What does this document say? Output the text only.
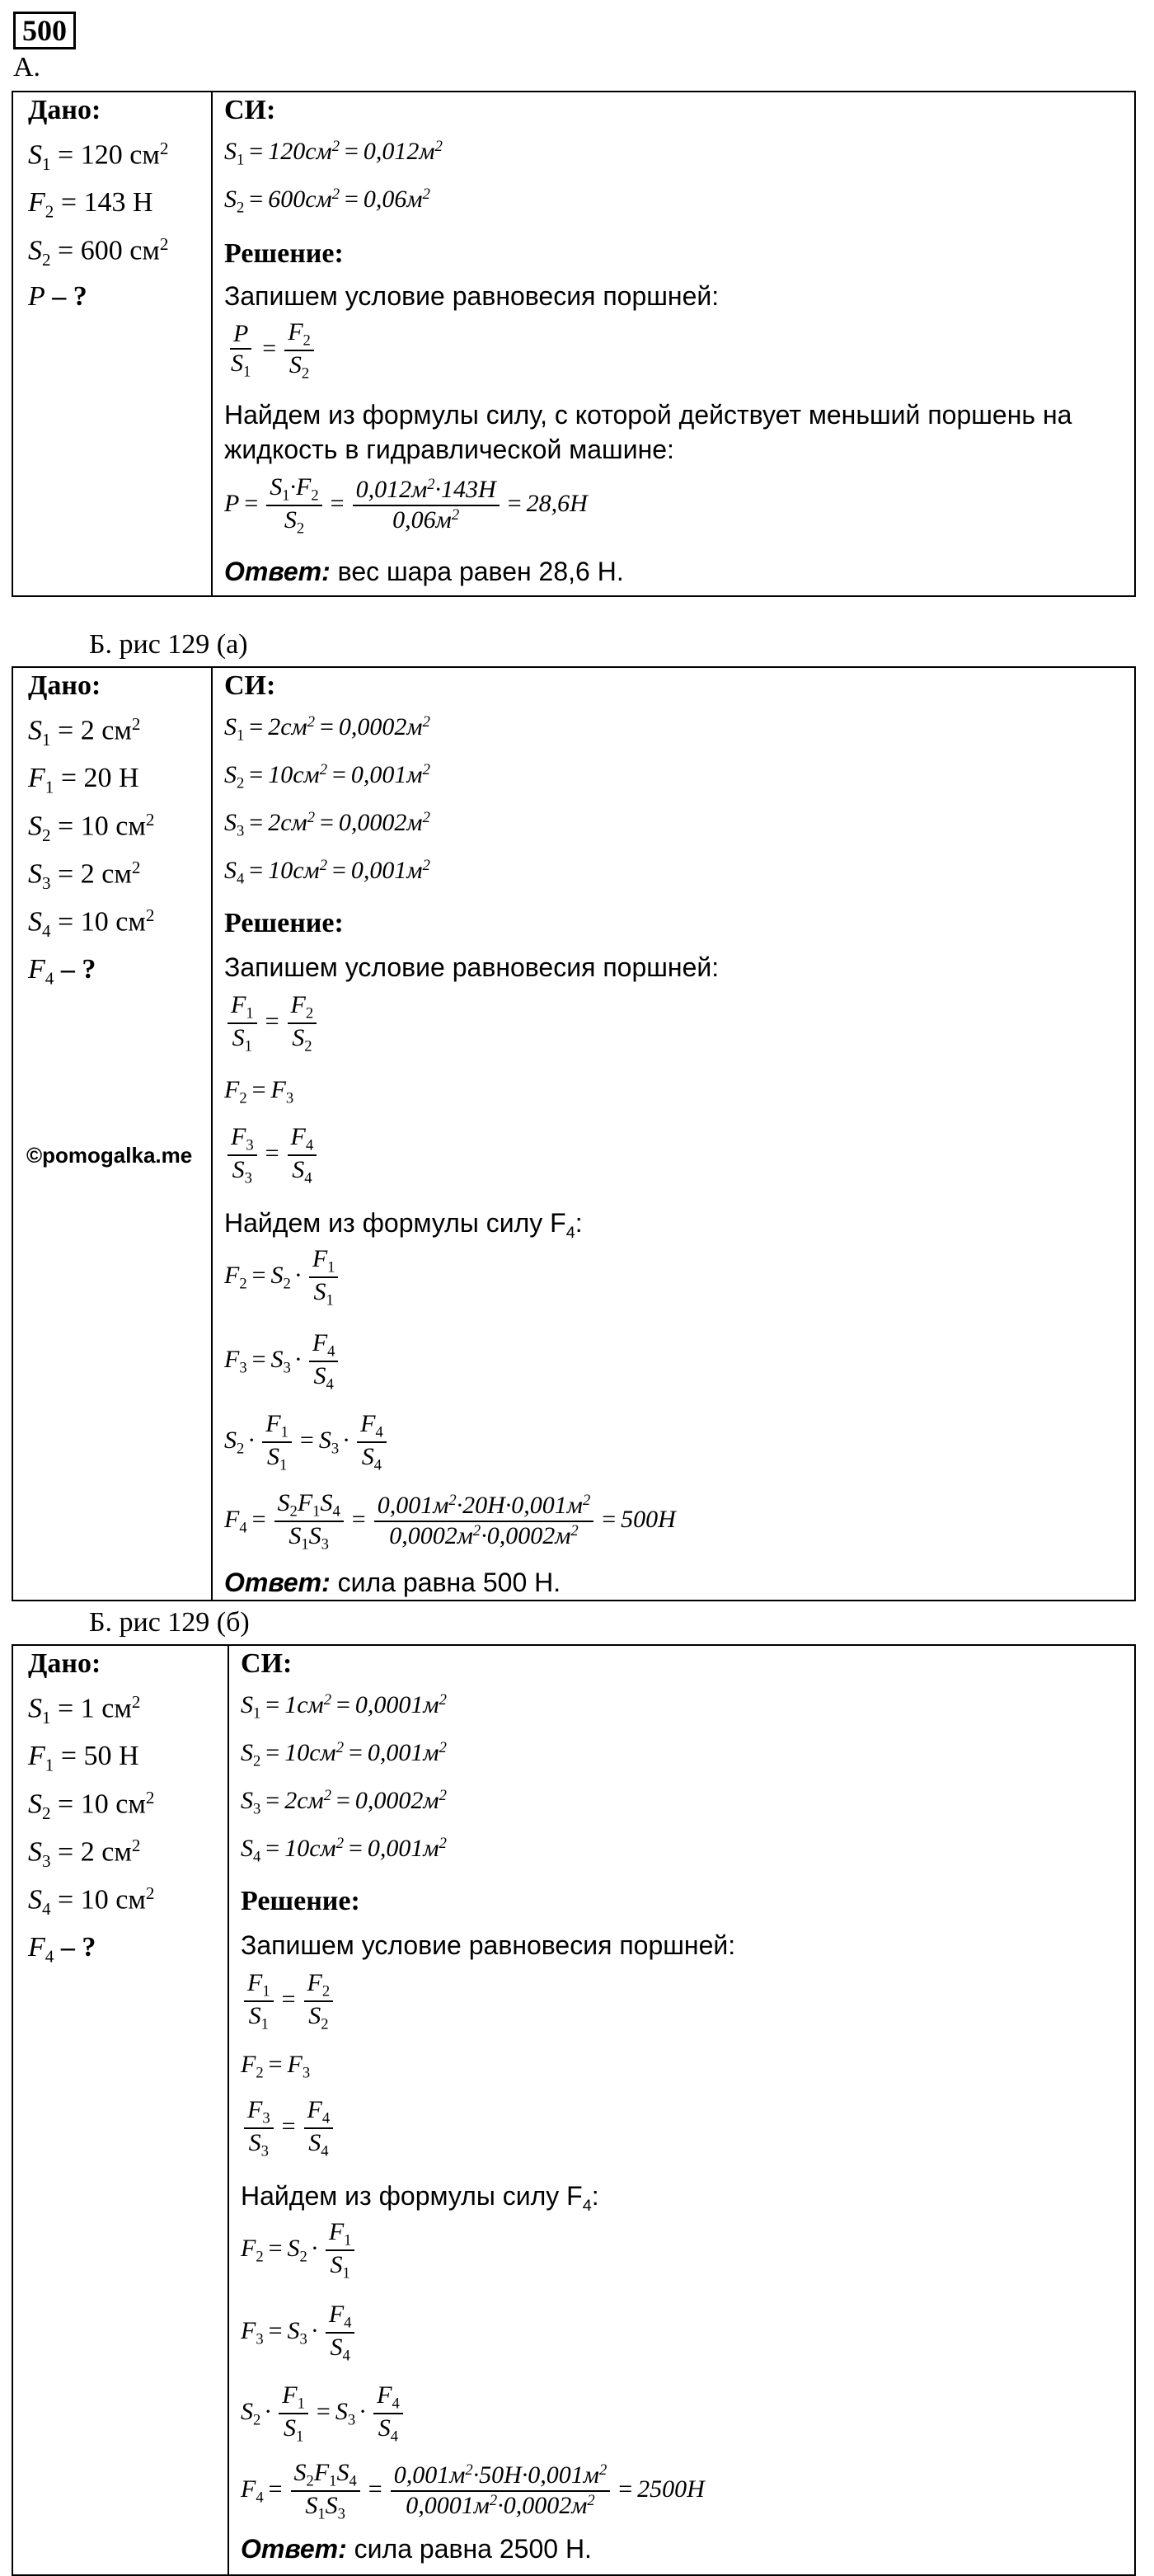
500
А.
Дано:
$S_1 = 120$ $см^2$
$F_2 = 143$ Н
$S_2 = 600$ $см^2$
P – ?
СИ:
$S_1 = 120см^2 = 0,012м^2$
$S_2 = 600см^2 = 0,06м^2$
Решение:
Запишем условие равновесия поршней:
$\frac{P}{S_1} = \frac{F_2}{S_2}$
Найдем из формулы силу, с которой действует меньший поршень на
жидкость в гидравлической машине:
$P = \frac{S_1\cdot F_2}{S_2} = \frac{0,012м^2\cdot 143Н}{0,06м^2} = 28,6Н$
Ответ: вес шара равен 28,6 Н.
Б. рис 129 (а)
Дано:
$S_1 = 2$ $см^2$
$F_1 = 20$ Н
$S_2 = 10$ $см^2$
$S_3 = 2$ $см^2$
$S_4 = 10$ $см^2$
$F_4$ – ?
©pomogalka.me
СИ:
$S_1 = 2см^2 = 0,0002м^2$
$S_2 = 10см^2 = 0,001м^2$
$S_3 = 2см^2 = 0,0002м^2$
$S_4 = 10см^2 = 0,001м^2$
Решение:
Запишем условие равновесия поршней:
$\frac{F_1}{S_1} = \frac{F_2}{S_2}$
$F_2 = F_3$
$\frac{F_3}{S_3} = \frac{F_4}{S_4}$
Найдем из формулы силу $F_4$:
$F_2 = S_2 \cdot \frac{F_1}{S_1}$
$F_3 = S_3 \cdot \frac{F_4}{S_4}$
$S_2 \cdot \frac{F_1}{S_1} = S_3 \cdot \frac{F_4}{S_4}$
$F_4 = \frac{S_2F_1S_4}{S_1S_3} = \frac{0,001м^2\cdot 20Н\cdot 0,001м^2}{0,0002м^2\cdot 0,0002м^2} = 500Н$
Ответ: сила равна 500 Н.
Б. рис 129 (б)
Дано:
$S_1 = 1$ $см^2$
$F_1 = 50$ Н
$S_2 = 10$ $см^2$
$S_3 = 2$ $см^2$
$S_4 = 10$ $см^2$
$F_4$ – ?
СИ:
$S_1 = 1см^2 = 0,0001м^2$
$S_2 = 10см^2 = 0,001м^2$
$S_3 = 2см^2 = 0,0002м^2$
$S_4 = 10см^2 = 0,001м^2$
Решение:
Запишем условие равновесия поршней:
$\frac{F_1}{S_1} = \frac{F_2}{S_2}$
$F_2 = F_3$
$\frac{F_3}{S_3} = \frac{F_4}{S_4}$
Найдем из формулы силу $F_4$:
$F_2 = S_2 \cdot \frac{F_1}{S_1}$
$F_3 = S_3 \cdot \frac{F_4}{S_4}$
$S_2 \cdot \frac{F_1}{S_1} = S_3 \cdot \frac{F_4}{S_4}$
$F_4 = \frac{S_2F_1S_4}{S_1S_3} = \frac{0,001м^2\cdot 50Н\cdot 0,001м^2}{0,0001м^2\cdot 0,0002м^2} = 2500Н$
Ответ: сила равна 2500 Н.
